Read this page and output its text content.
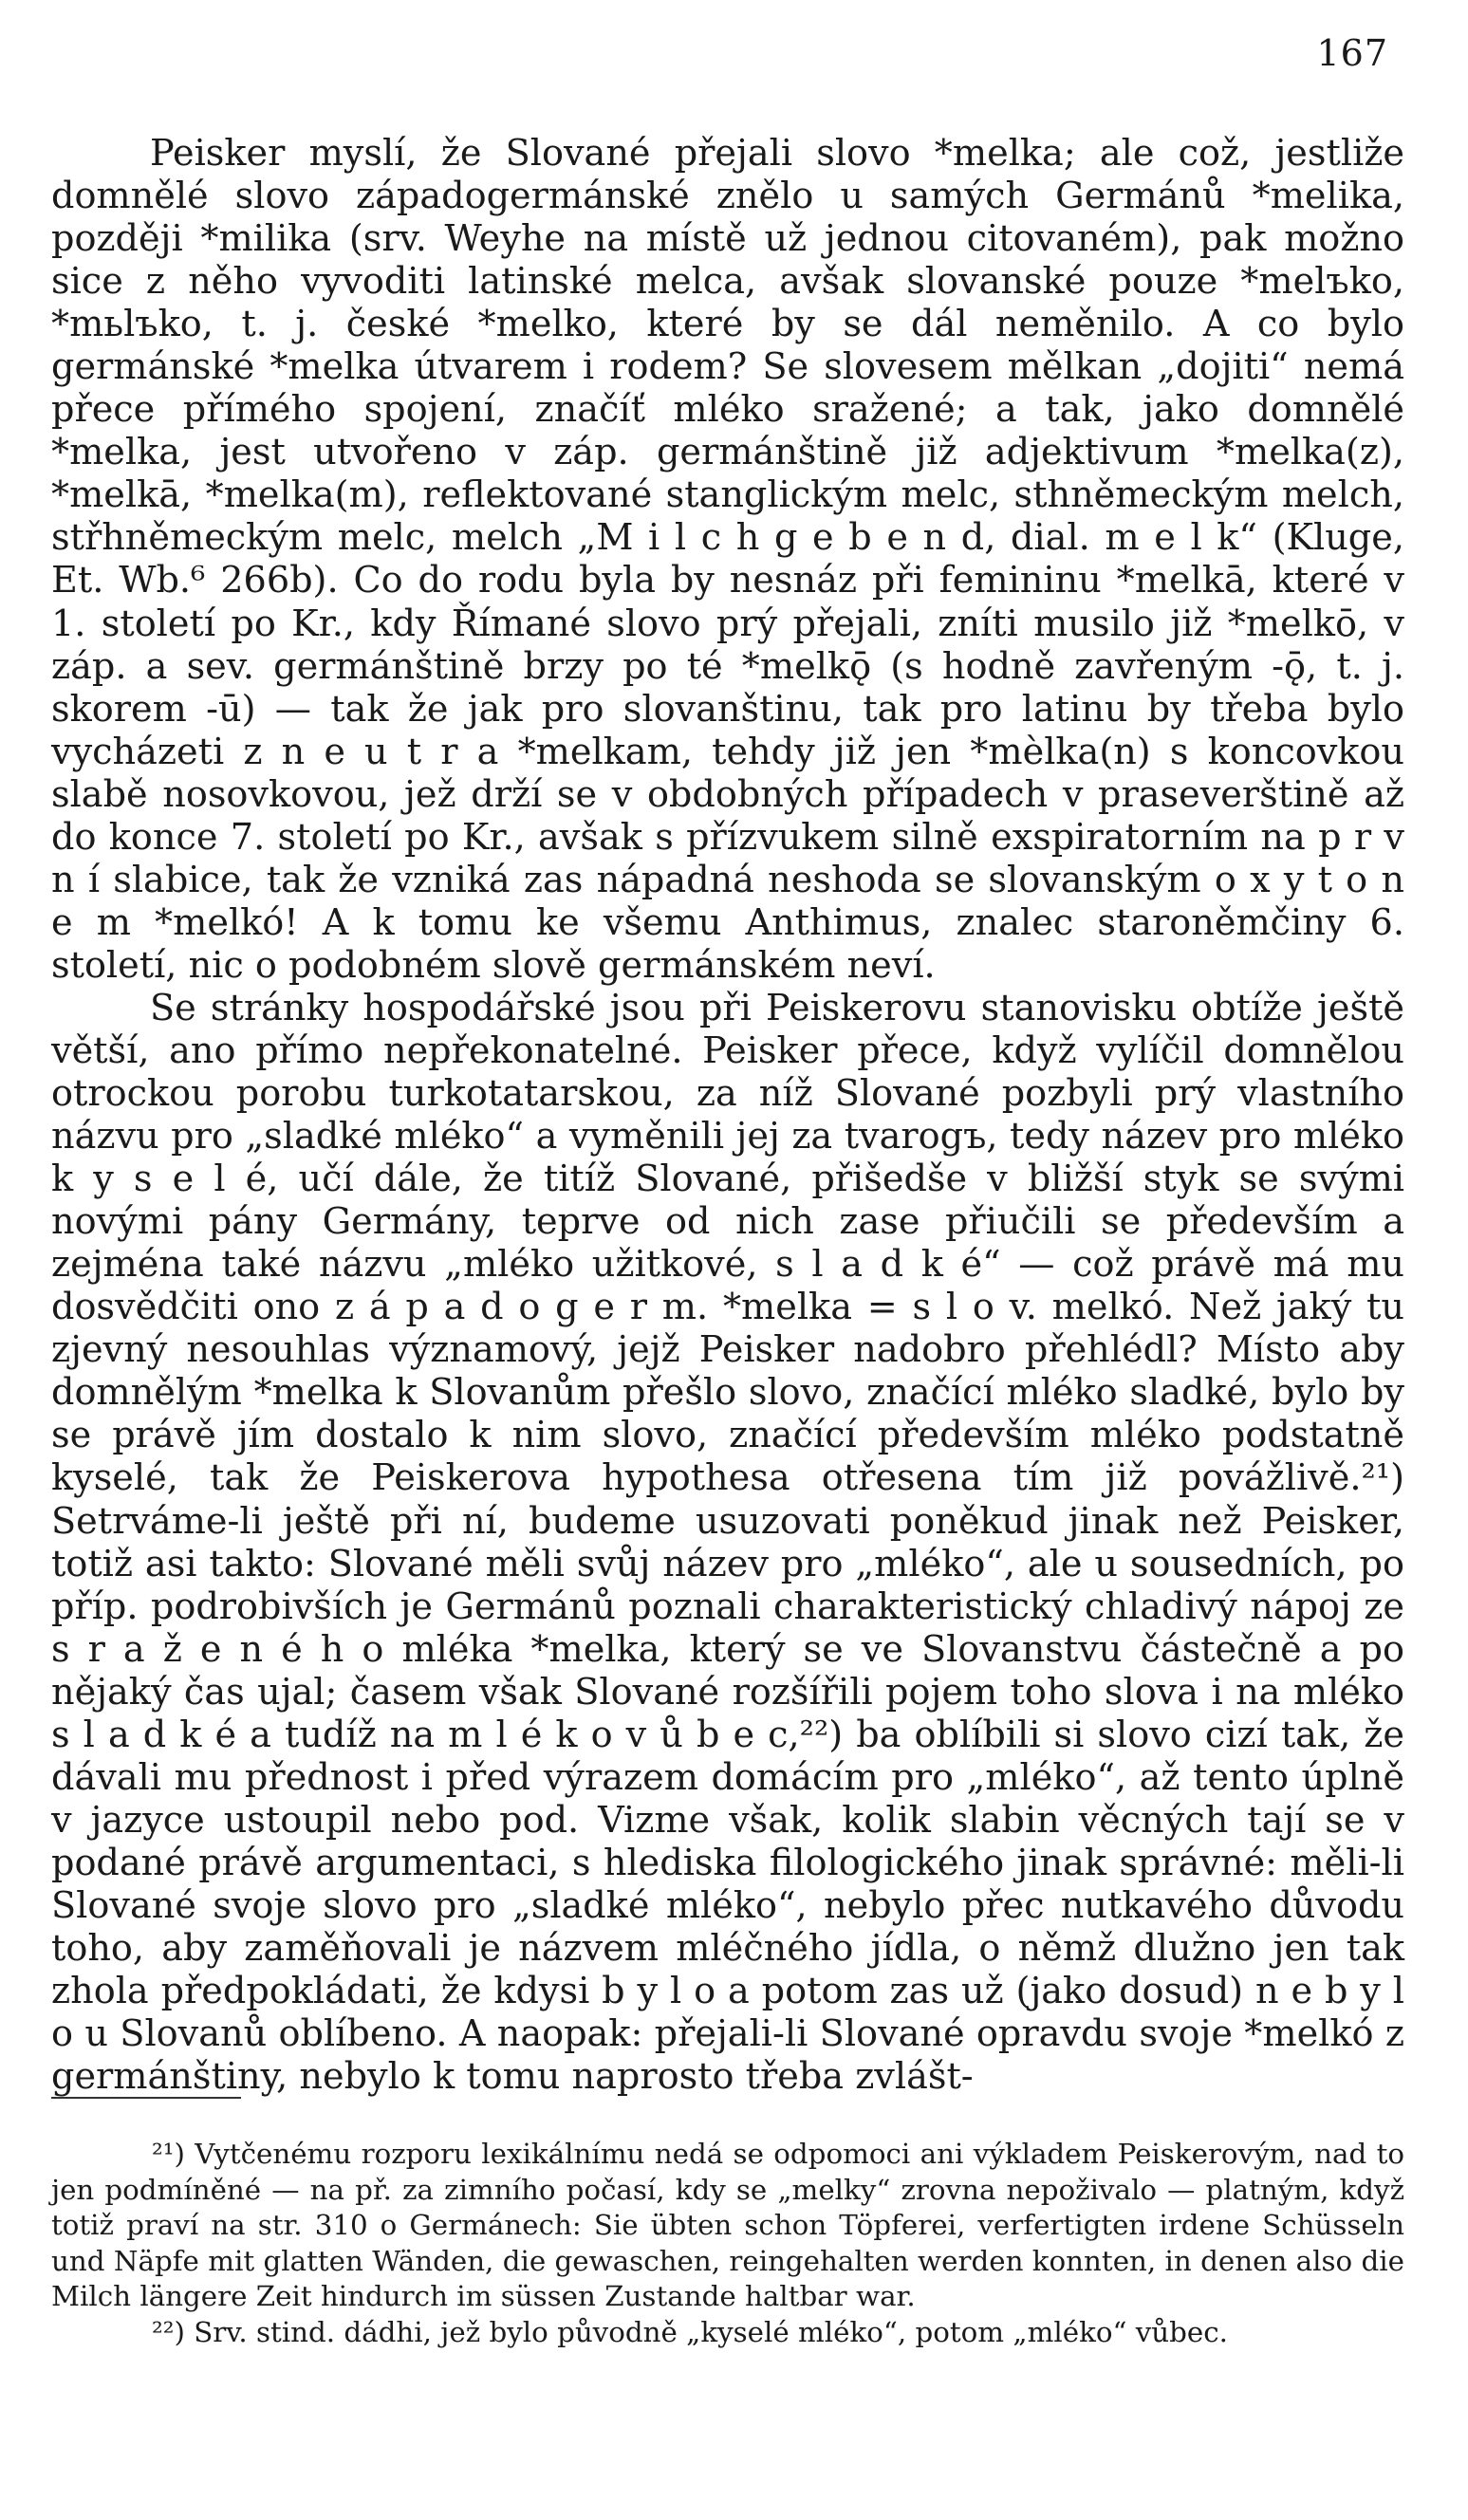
167

Peisker myslí, že Slované přejali slovo *melka; ale což, jestliže domnělé slovo západogermánské znělo u samých Germánů *melika, později *milika (srv. Weyhe na místě už jednou citovaném), pak možno sice z něho vyvoditi latinské melca, avšak slovanské pouze *melъko, *mьlъko, t. j. české *melko, které by se dál neměnilo. A co bylo germánské *melka útvarem i rodem? Se slovesem mělkan „dojiti“ nemá přece přímého spojení, značíť mléko sražené; a tak, jako domnělé *melka, jest utvořeno v záp. germánštině již adjektivum *melka(z), *melkā, *melka(m), reflektované stanglickým melc, sthněmeckým melch, střhněmeckým melc, melch „M i l c h g e b e n d, dial. m e l k“ (Kluge, Et. Wb.⁶ 266b). Co do rodu byla by nesnáz při femininu *melkā, které v 1. století po Kr., kdy Římané slovo prý přejali, zníti musilo již *melkō, v záp. a sev. germánštině brzy po té *melkǭ (s hodně zavřeným -ǭ, t. j. skorem -ū) — tak že jak pro slovanštinu, tak pro latinu by třeba bylo vycházeti z n e u t r a *melkam, tehdy již jen *mèlka(n) s koncovkou slabě nosovkovou, jež drží se v obdobných případech v praseverštině až do konce 7. století po Kr., avšak s přízvukem silně exspiratorním na p r v n í slabice, tak že vzniká zas nápadná neshoda se slovanským o x y t o n e m *melkó! A k tomu ke všemu Anthimus, znalec staroněmčiny 6. století, nic o podobném slově germánském neví.

Se stránky hospodářské jsou při Peiskerovu stanovisku obtíže ještě větší, ano přímo nepřekonatelné. Peisker přece, když vylíčil domnělou otrockou porobu turkotatarskou, za níž Slované pozbyli prý vlastního názvu pro „sladké mléko“ a vyměnili jej za tvarogъ, tedy název pro mléko k y s e l é, učí dále, že titíž Slované, přišedše v bližší styk se svými novými pány Germány, teprve od nich zase přiučili se především a zejména také názvu „mléko užitkové, s l a d k é“ — což právě má mu dosvědčiti ono z á p a d o g e r m. *melka = s l o v. melkó. Než jaký tu zjevný nesouhlas významový, jejž Peisker nadobro přehlédl? Místo aby domnělým *melka k Slovanům přešlo slovo, značící mléko sladké, bylo by se právě jím dostalo k nim slovo, značící především mléko podstatně kyselé, tak že Peiskerova hypothesa otřesena tím již povážlivě.²¹) Setrváme-li ještě při ní, budeme usuzovati poněkud jinak než Peisker, totiž asi takto: Slované měli svůj název pro „mléko“, ale u sousedních, po příp. podrobivších je Germánů poznali charakteristický chladivý nápoj ze s r a ž e n é h o mléka *melka, který se ve Slovanstvu částečně a po nějaký čas ujal; časem však Slované rozšířili pojem toho slova i na mléko s l a d k é a tudíž na m l é k o v ů b e c,²²) ba oblíbili si slovo cizí tak, že dávali mu přednost i před výrazem domácím pro „mléko“, až tento úplně v jazyce ustoupil nebo pod. Vizme však, kolik slabin věcných tají se v podané právě argumentaci, s hlediska filologického jinak správné: měli-li Slované svoje slovo pro „sladké mléko“, nebylo přec nutkavého důvodu toho, aby zaměňovali je názvem mléčného jídla, o němž dlužno jen tak zhola předpokládati, že kdysi b y l o a potom zas už (jako dosud) n e b y l o u Slovanů oblíbeno. A naopak: přejali-li Slované opravdu svoje *melkó z germánštiny, nebylo k tomu naprosto třeba zvlášt-

²¹) Vytčenému rozporu lexikálnímu nedá se odpomoci ani výkladem Peiskerovým, nad to jen podmíněné — na př. za zimního počasí, kdy se „melky“ zrovna nepoživalo — platným, když totiž praví na str. 310 o Germánech: Sie übten schon Töpferei, verfertigten irdene Schüsseln und Näpfe mit glatten Wänden, die gewaschen, reingehalten werden konnten, in denen also die Milch längere Zeit hindurch im süssen Zustande haltbar war.

²²) Srv. stind. dádhi, jež bylo původně „kyselé mléko“, potom „mléko“ vůbec.
